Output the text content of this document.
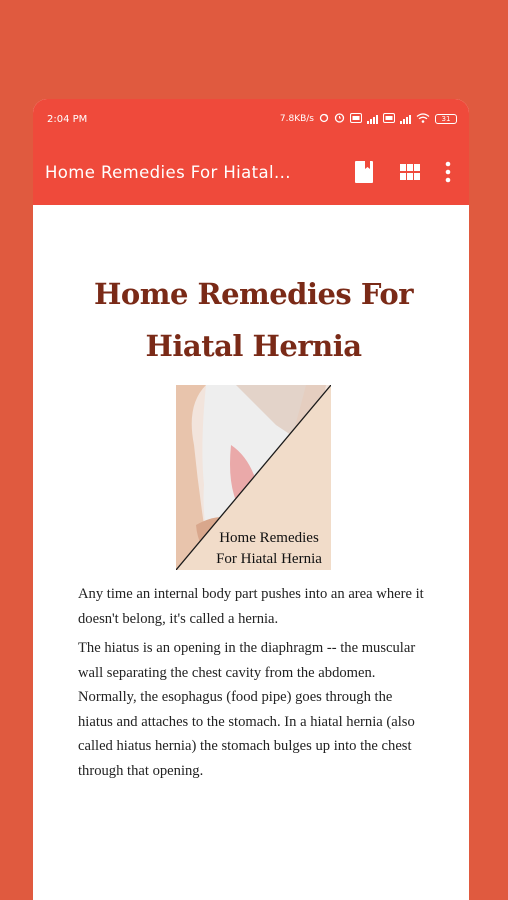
2:04 PM	7.8KB/s	31
Home Remedies For Hiatal...
Home Remedies For Hiatal Hernia
Home Remedies
For Hiatal Hernia

Any time an internal body part pushes into an area where it doesn't belong, it's called a hernia.

The hiatus is an opening in the diaphragm -- the muscular wall separating the chest cavity from the abdomen. Normally, the esophagus (food pipe) goes through the hiatus and attaches to the stomach. In a hiatal hernia (also called hiatus hernia) the stomach bulges up into the chest through that opening.
